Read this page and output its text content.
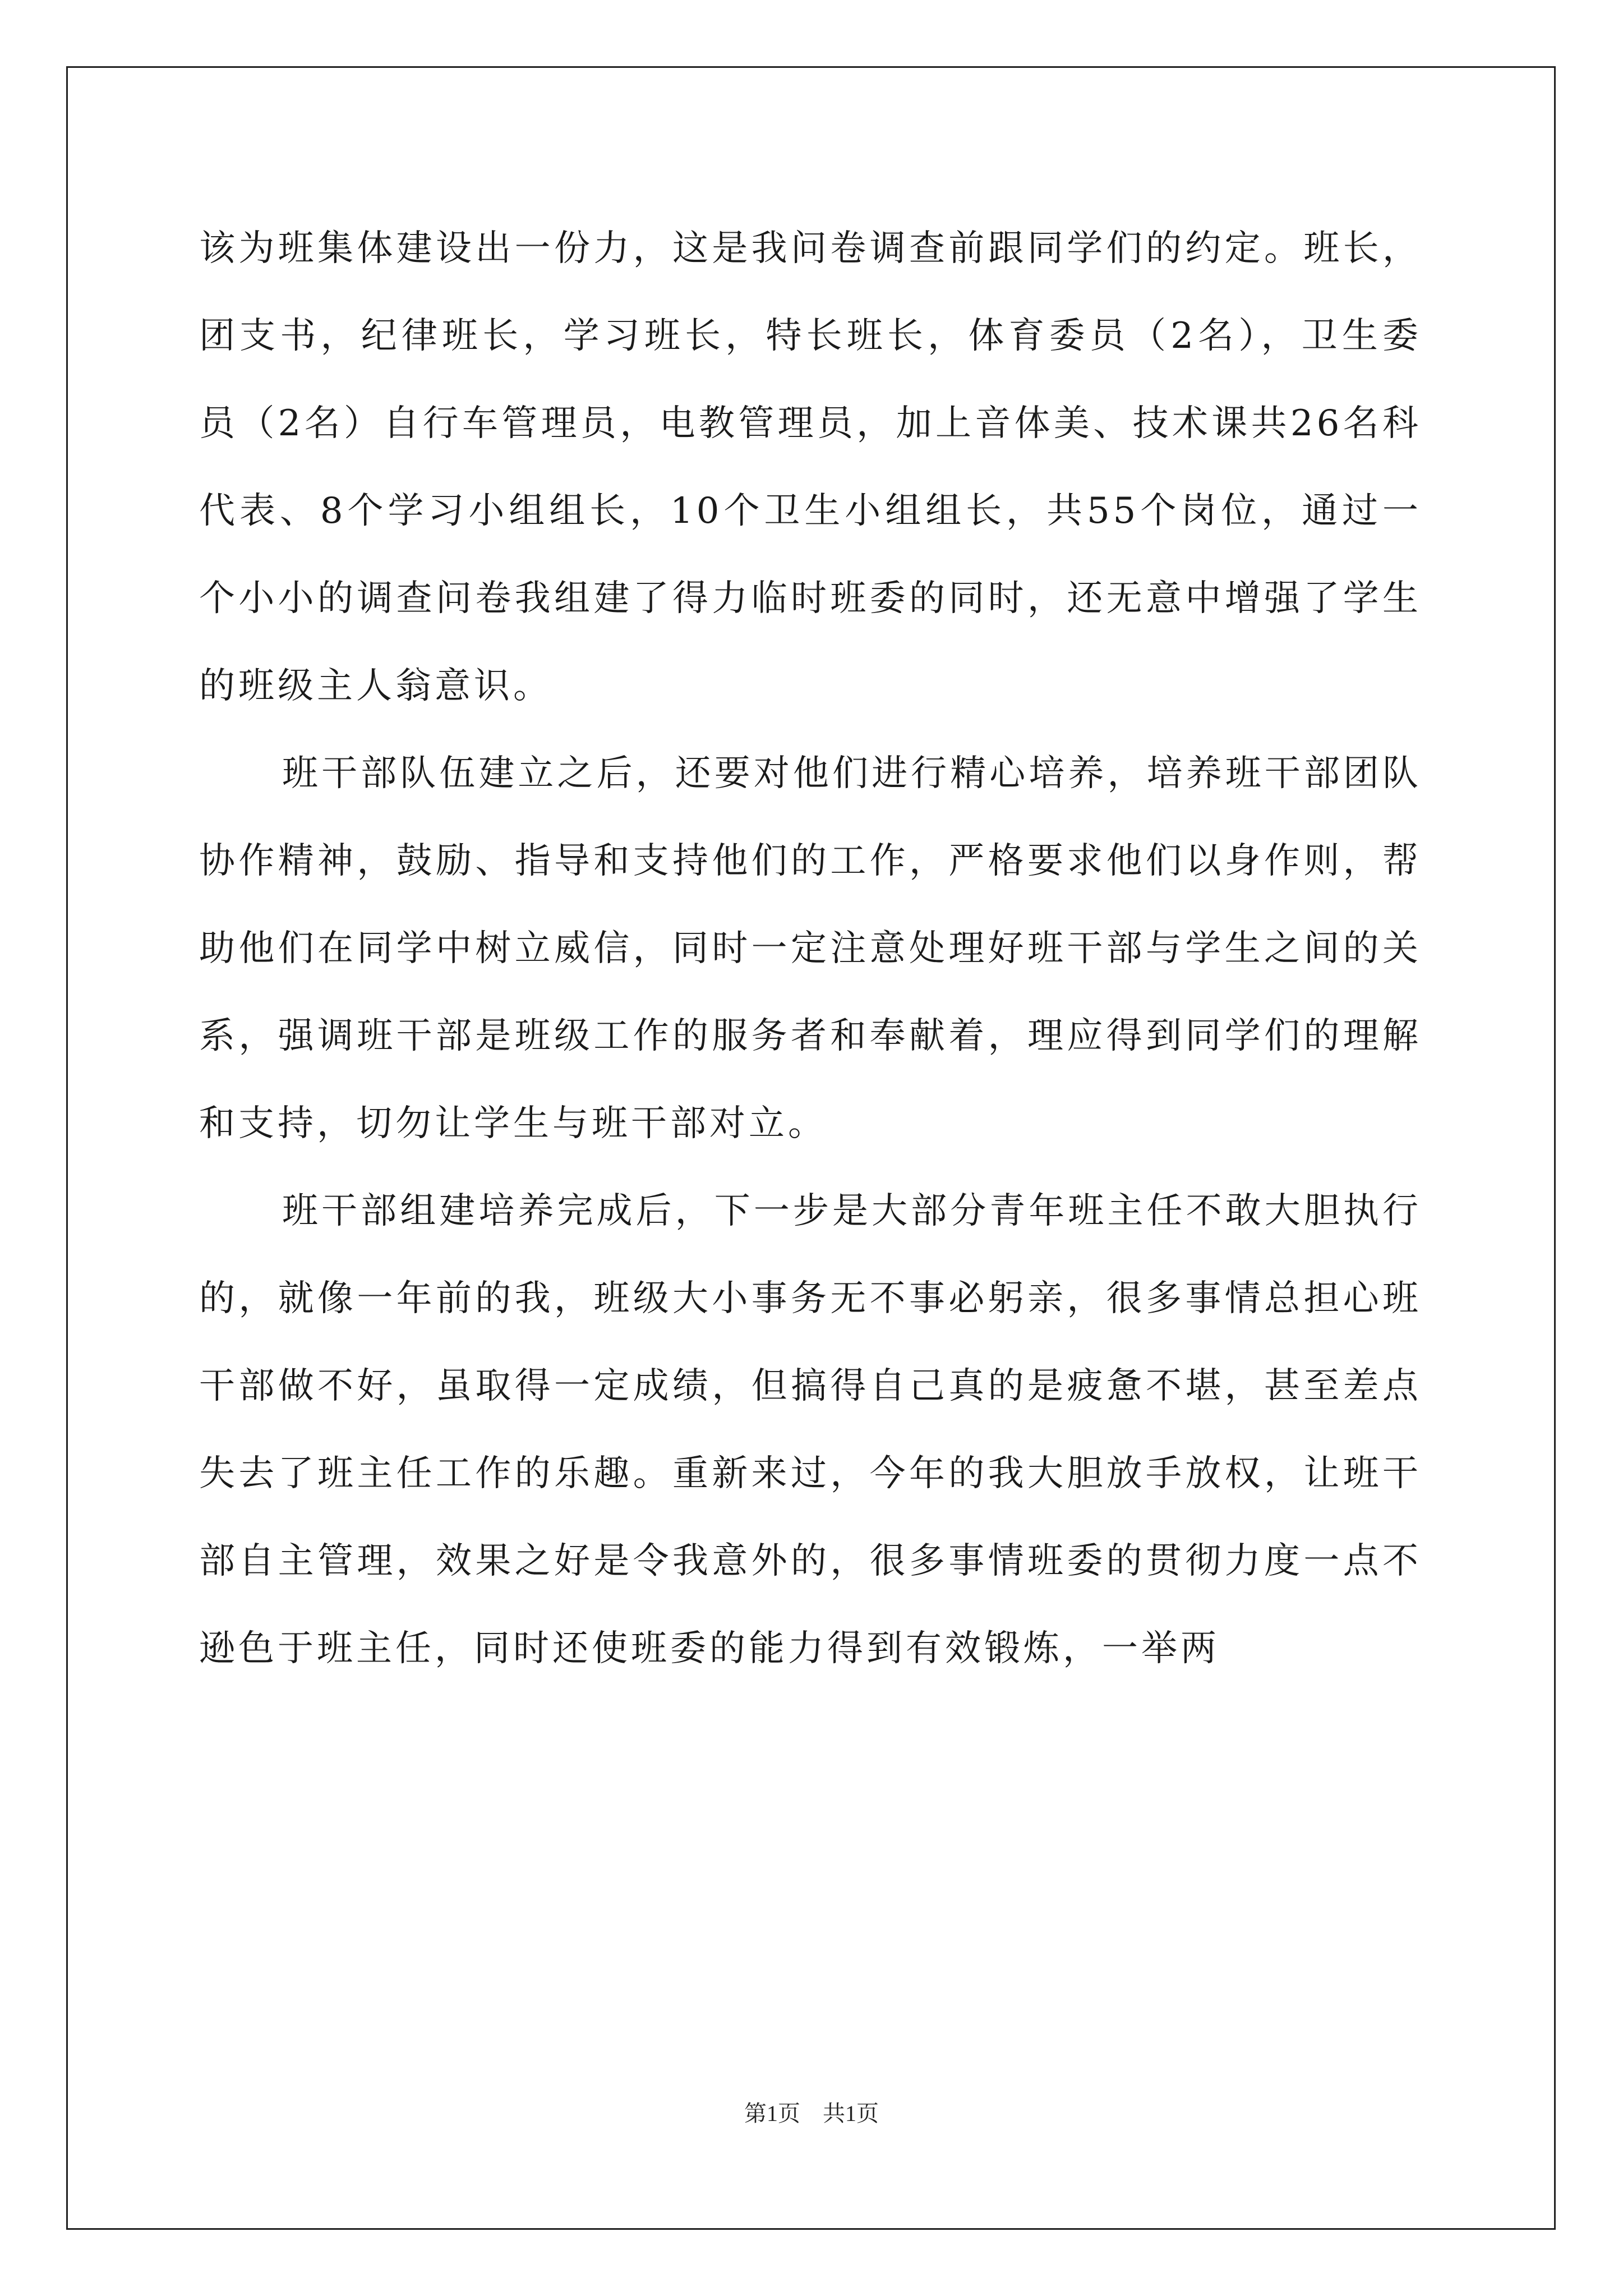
该为班集体建设出一份力，这是我问卷调查前跟同学们的约定。班长，团支书，纪律班长，学习班长，特长班长，体育委员（2名），卫生委员（2名）自行车管理员，电教管理员，加上音体美、技术课共26名科代表、8个学习小组组长，10个卫生小组组长，共55个岗位，通过一个小小的调查问卷我组建了得力临时班委的同时，还无意中增强了学生的班级主人翁意识。

班干部队伍建立之后，还要对他们进行精心培养，培养班干部团队协作精神，鼓励、指导和支持他们的工作，严格要求他们以身作则，帮助他们在同学中树立威信，同时一定注意处理好班干部与学生之间的关系，强调班干部是班级工作的服务者和奉献着，理应得到同学们的理解和支持，切勿让学生与班干部对立。

班干部组建培养完成后，下一步是大部分青年班主任不敢大胆执行的，就像一年前的我，班级大小事务无不事必躬亲，很多事情总担心班干部做不好，虽取得一定成绩，但搞得自己真的是疲惫不堪，甚至差点失去了班主任工作的乐趣。重新来过，今年的我大胆放手放权，让班干部自主管理，效果之好是令我意外的，很多事情班委的贯彻力度一点不逊色于班主任，同时还使班委的能力得到有效锻炼，一举两

第1页 共1页
